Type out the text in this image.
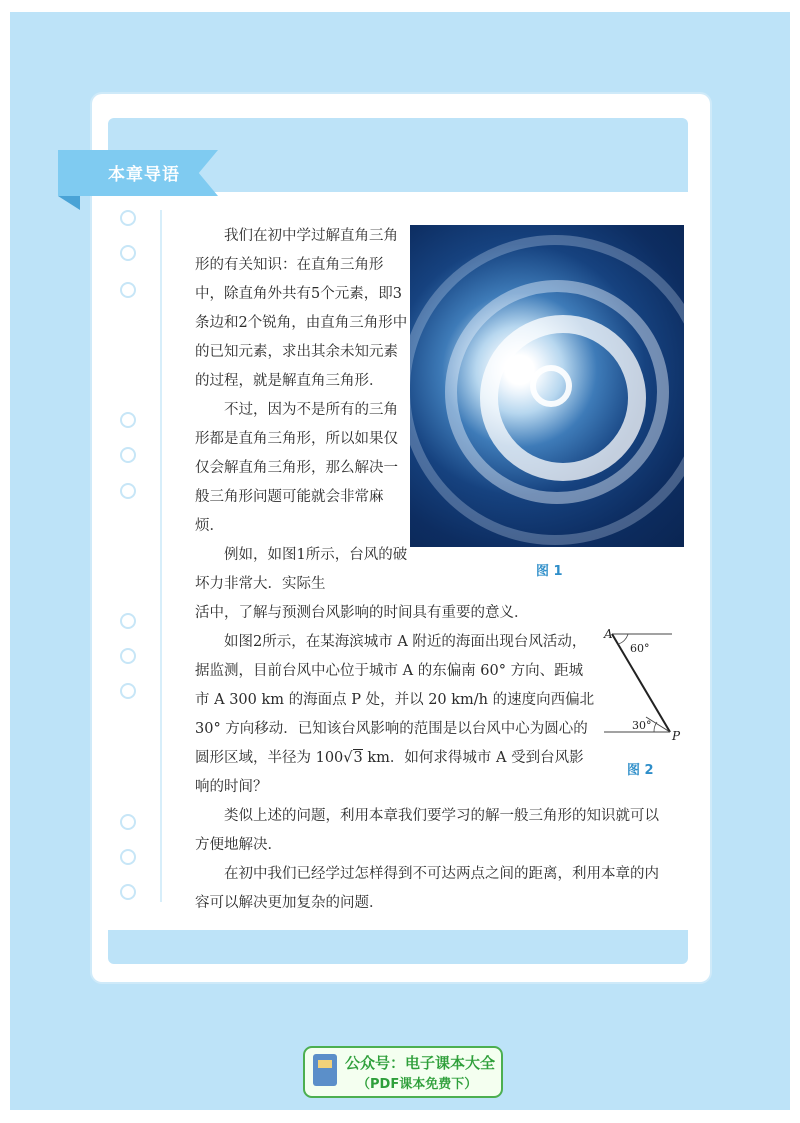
本章导语
图 1

我们在初中学过解直角三角形的有关知识：在直角三角形中，除直角外共有5个元素，即3条边和2个锐角，由直角三角形中的已知元素，求出其余未知元素的过程，就是解直角三角形．

不过，因为不是所有的三角形都是直角三角形，所以如果仅仅会解直角三角形，那么解决一般三角形问题可能就会非常麻烦．

例如，如图1所示，台风的破坏力非常大．实际生

活中，了解与预测台风影响的时间具有重要的意义．

如图2所示，在某海滨城市 A 附近的海面出现台风活动，据监测，目前台风中心位于城市 A 的东偏南 60° 方向、距城市 A 300 km 的海面点 P 处，并以 20 km/h 的速度向西偏北 30° 方向移动．已知该台风影响的范围是以台风中心为圆心的圆形区域，半径为 100√3 km．如何求得城市 A 受到台风影响的时间？

类似上述的问题，利用本章我们要学习的解一般三角形的知识就可以方便地解决．

在初中我们已经学过怎样得到不可达两点之间的距离，利用本章的内容可以解决更加复杂的问题．

A
P
60°
30°
图 2
公众号：电子课本大全
（PDF课本免费下）
